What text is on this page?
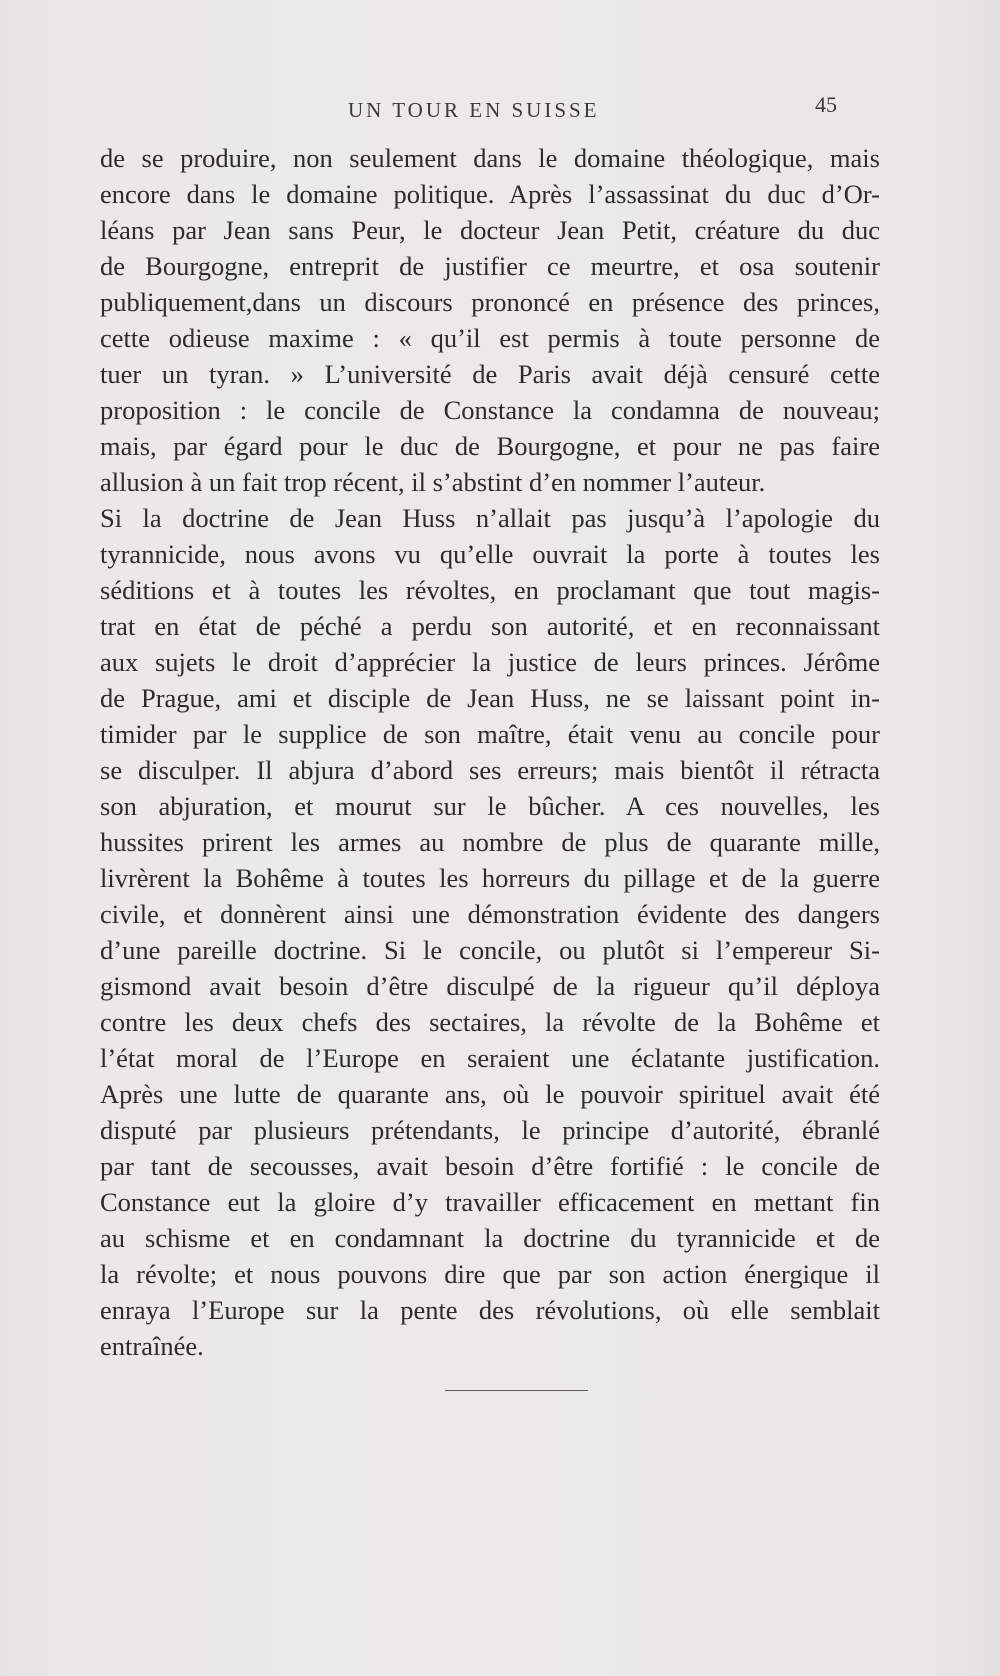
UN TOUR EN SUISSE	45
de se produire, non seulement dans le domaine théologique, mais
encore dans le domaine politique. Après l’assassinat du duc d’Or-
léans par Jean sans Peur, le docteur Jean Petit, créature du duc
de Bourgogne, entreprit de justifier ce meurtre, et osa soutenir
publiquement,dans un discours prononcé en présence des princes,
cette odieuse maxime : « qu’il est permis à toute personne de
tuer un tyran. » L’université de Paris avait déjà censuré cette
proposition : le concile de Constance la condamna de nouveau;
mais, par égard pour le duc de Bourgogne, et pour ne pas faire
allusion à un fait trop récent, il s’abstint d’en nommer l’auteur.
Si la doctrine de Jean Huss n’allait pas jusqu’à l’apologie du
tyrannicide, nous avons vu qu’elle ouvrait la porte à toutes les
séditions et à toutes les révoltes, en proclamant que tout magis-
trat en état de péché a perdu son autorité, et en reconnaissant
aux sujets le droit d’apprécier la justice de leurs princes. Jérôme
de Prague, ami et disciple de Jean Huss, ne se laissant point in-
timider par le supplice de son maître, était venu au concile pour
se disculper. Il abjura d’abord ses erreurs; mais bientôt il rétracta
son abjuration, et mourut sur le bûcher. A ces nouvelles, les
hussites prirent les armes au nombre de plus de quarante mille,
livrèrent la Bohême à toutes les horreurs du pillage et de la guerre
civile, et donnèrent ainsi une démonstration évidente des dangers
d’une pareille doctrine. Si le concile, ou plutôt si l’empereur Si-
gismond avait besoin d’être disculpé de la rigueur qu’il déploya
contre les deux chefs des sectaires, la révolte de la Bohême et
l’état moral de l’Europe en seraient une éclatante justification.
Après une lutte de quarante ans, où le pouvoir spirituel avait été
disputé par plusieurs prétendants, le principe d’autorité, ébranlé
par tant de secousses, avait besoin d’être fortifié : le concile de
Constance eut la gloire d’y travailler efficacement en mettant fin
au schisme et en condamnant la doctrine du tyrannicide et de
la révolte; et nous pouvons dire que par son action énergique il
enraya l’Europe sur la pente des révolutions, où elle semblait
entraînée.
